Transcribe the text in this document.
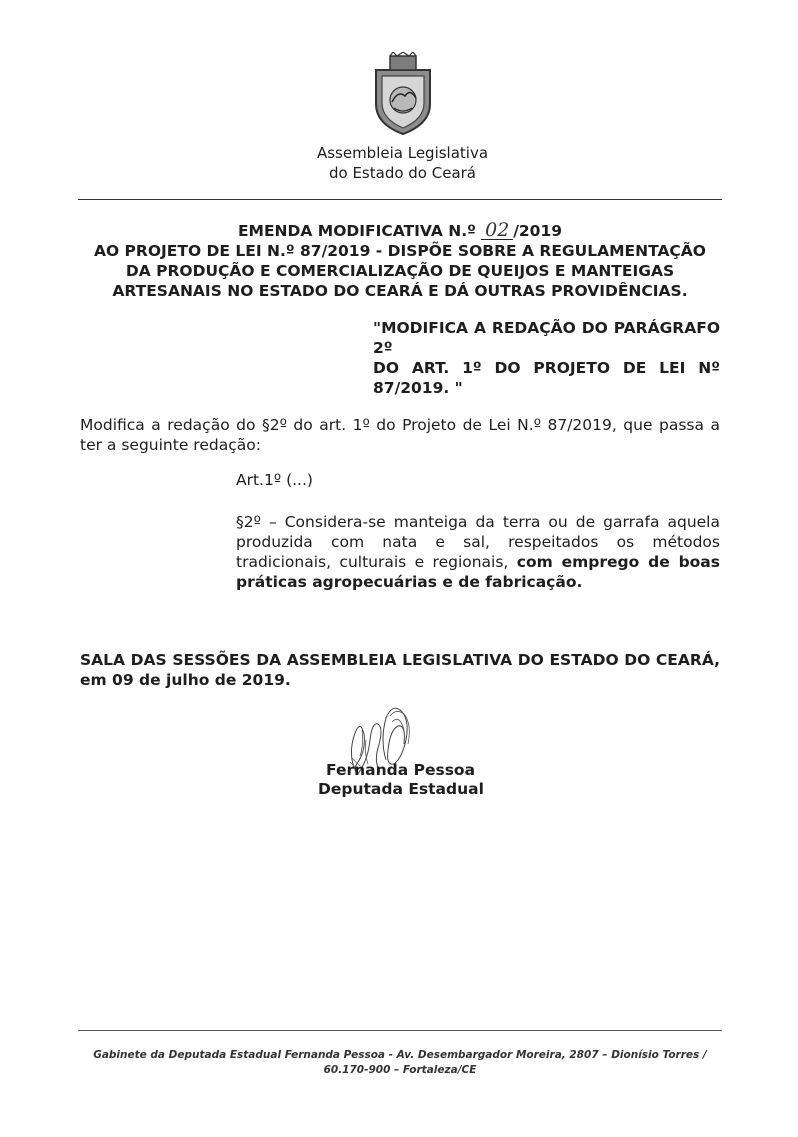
Assembleia Legislativa
do Estado do Ceará
EMENDA MODIFICATIVA N.º 02 /2019
AO PROJETO DE LEI N.º 87/2019 - DISPÕE SOBRE A REGULAMENTAÇÃO DA PRODUÇÃO E COMERCIALIZAÇÃO DE QUEIJOS E MANTEIGAS ARTESANAIS NO ESTADO DO CEARÁ E DÁ OUTRAS PROVIDÊNCIAS.
"MODIFICA A REDAÇÃO DO PARÁGRAFO 2º
DO ART. 1º DO PROJETO DE LEI Nº
87/2019. "
Modifica a redação do §2º do art. 1º do Projeto de Lei N.º 87/2019, que passa a ter a seguinte redação:
Art.1º (...)
§2º – Considera-se manteiga da terra ou de garrafa aquela produzida com nata e sal, respeitados os métodos tradicionais, culturais e regionais, com emprego de boas práticas agropecuárias e de fabricação.
SALA DAS SESSÕES DA ASSEMBLEIA LEGISLATIVA DO ESTADO DO CEARÁ, em 09 de julho de 2019.
Fernanda Pessoa
Deputada Estadual
Gabinete da Deputada Estadual Fernanda Pessoa - Av. Desembargador Moreira, 2807 – Dionísio Torres / 60.170-900 – Fortaleza/CE
